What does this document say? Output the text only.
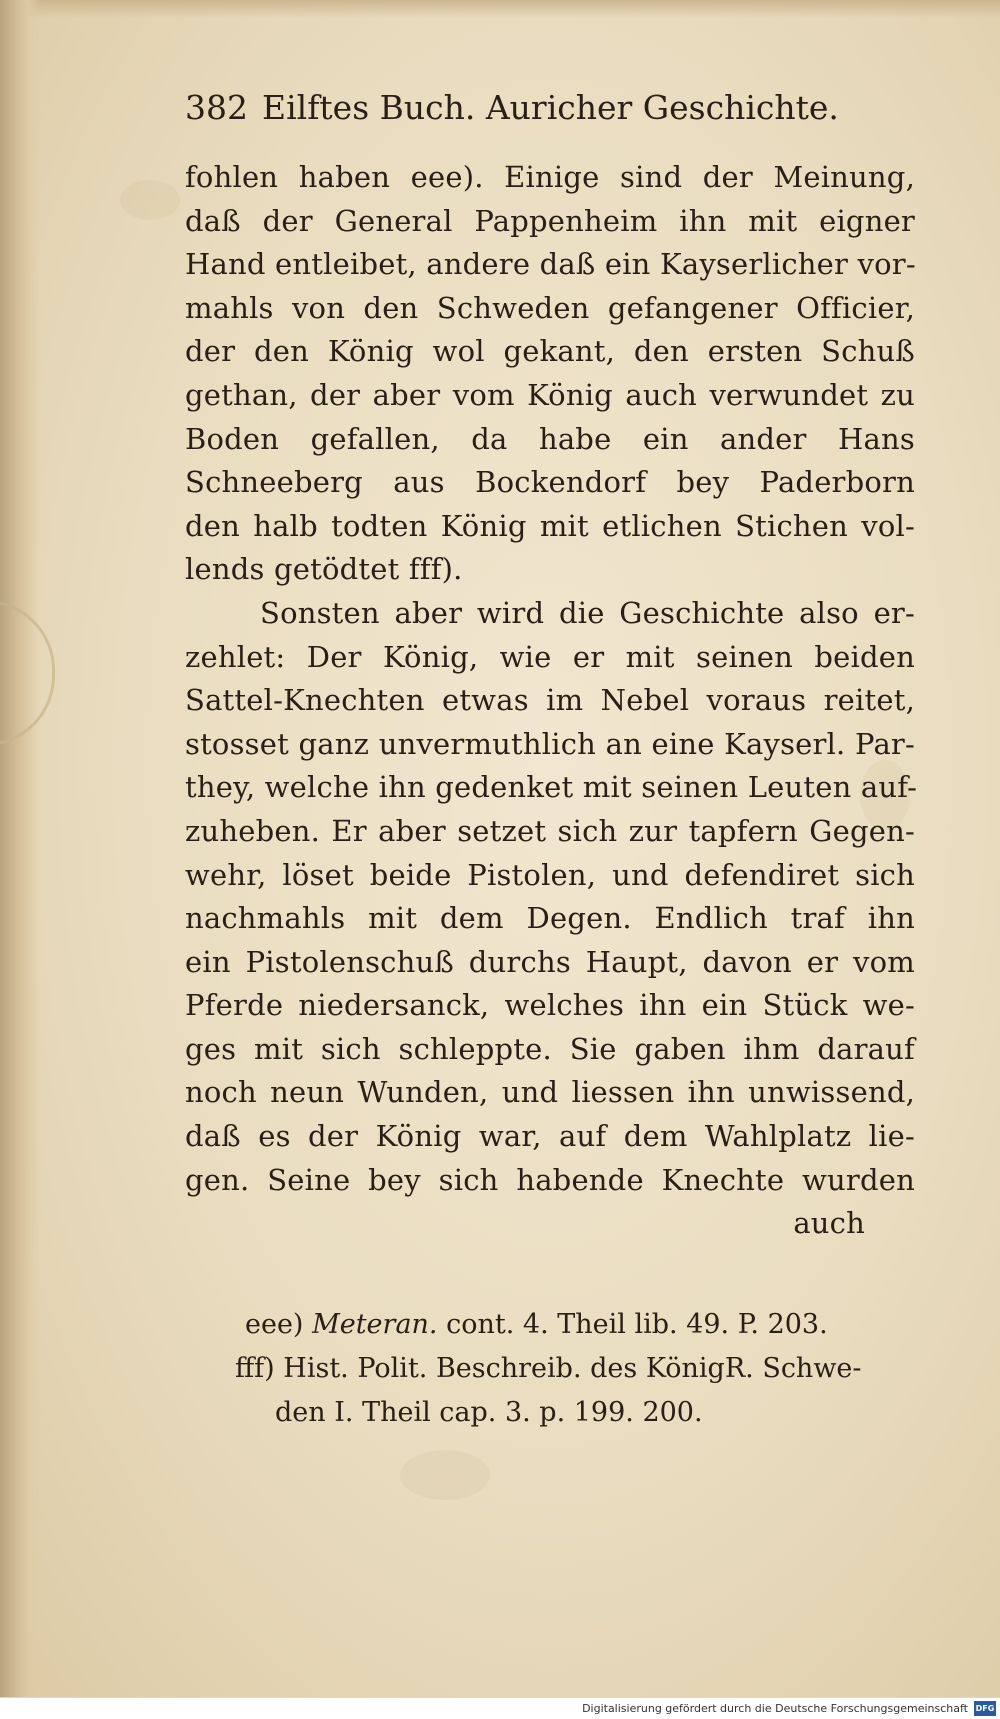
382 Eilftes Buch. Auricher Geschichte.
fohlen haben eee). Einige sind der Meinung,
daß der General Pappenheim ihn mit eigner
Hand entleibet, andere daß ein Kayserlicher vor-
mahls von den Schweden gefangener Officier,
der den König wol gekant, den ersten Schuß
gethan, der aber vom König auch verwundet zu
Boden gefallen, da habe ein ander Hans
Schneeberg aus Bockendorf bey Paderborn
den halb todten König mit etlichen Stichen vol-
lends getödtet fff).
Sonsten aber wird die Geschichte also er-
zehlet: Der König, wie er mit seinen beiden
Sattel-Knechten etwas im Nebel voraus reitet,
stosset ganz unvermuthlich an eine Kayserl. Par-
they, welche ihn gedenket mit seinen Leuten auf-
zuheben. Er aber setzet sich zur tapfern Gegen-
wehr, löset beide Pistolen, und defendiret sich
nachmahls mit dem Degen. Endlich traf ihn
ein Pistolenschuß durchs Haupt, davon er vom
Pferde niedersanck, welches ihn ein Stück we-
ges mit sich schleppte. Sie gaben ihm darauf
noch neun Wunden, und liessen ihn unwissend,
daß es der König war, auf dem Wahlplatz lie-
gen. Seine bey sich habende Knechte wurden
auch
eee) Meteran. cont. 4. Theil lib. 49. P. 203.
fff) Hist. Polit. Beschreib. des KönigR. Schwe-
den I. Theil cap. 3. p. 199. 200.
Digitalisierung gefördert durch die Deutsche Forschungsgemeinschaft DFG
